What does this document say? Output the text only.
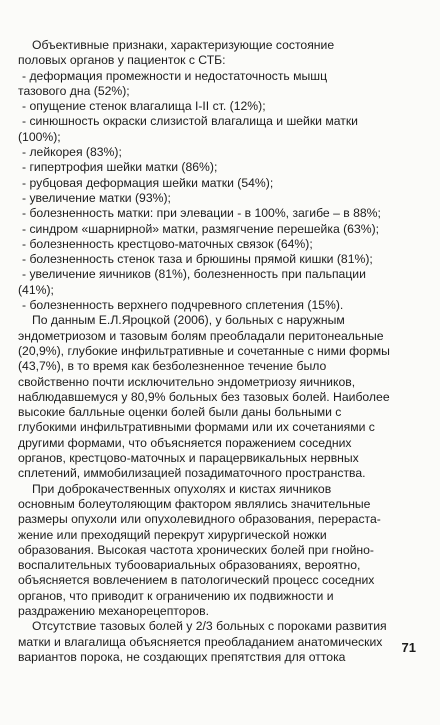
Объективные признаки, характеризующие состояние
половых органов у пациенток с СТБ:
- деформация промежности и недостаточность мышц
тазового дна (52%);
- опущение стенок влагалища I-II ст. (12%);
- синюшность окраски слизистой влагалища и шейки матки
(100%);
- лейкорея (83%);
- гипертрофия шейки матки (86%);
- рубцовая деформация шейки матки (54%);
- увеличение матки (93%);
- болезненность матки: при элевации - в 100%, загибе – в 88%;
- синдром «шарнирной» матки, размягчение перешейка (63%);
- болезненность крестцово-маточных связок (64%);
- болезненность стенок таза и брюшины прямой кишки (81%);
- увеличение яичников (81%), болезненность при пальпации
(41%);
- болезненность верхнего подчревного сплетения (15%).
По данным Е.Л.Яроцкой (2006), у больных с наружным
эндометриозом и тазовым болям преобладали перитонеальные
(20,9%), глубокие инфильтративные и сочетанные с ними формы
(43,7%), в то время как безболезненное течение было
свойственно почти исключительно эндометриозу яичников,
наблюдавшемуся у 80,9% больных без тазовых болей. Наиболее
высокие балльные оценки болей были даны больными с
глубокими инфильтративными формами или их сочетаниями с
другими формами, что объясняется поражением соседних
органов, крестцово-маточных и парацервикальных нервных
сплетений, иммобилизацией позадиматочного пространства.
При доброкачественных опухолях и кистах яичников
основным болеутоляющим фактором являлись значительные
размеры опухоли или опухолевидного образования, перераста-
жение или преходящий перекрут хирургической ножки
образования. Высокая частота хронических болей при гнойно-
воспалительных тубоовариальных образованиях, вероятно,
объясняется вовлечением в патологический процесс соседних
органов, что приводит к ограничению их подвижности и
раздражению механорецепторов.
Отсутствие тазовых болей у 2/3 больных с пороками развития
матки и влагалища объясняется преобладанием анатомических
вариантов порока, не создающих препятствия для оттока
71
